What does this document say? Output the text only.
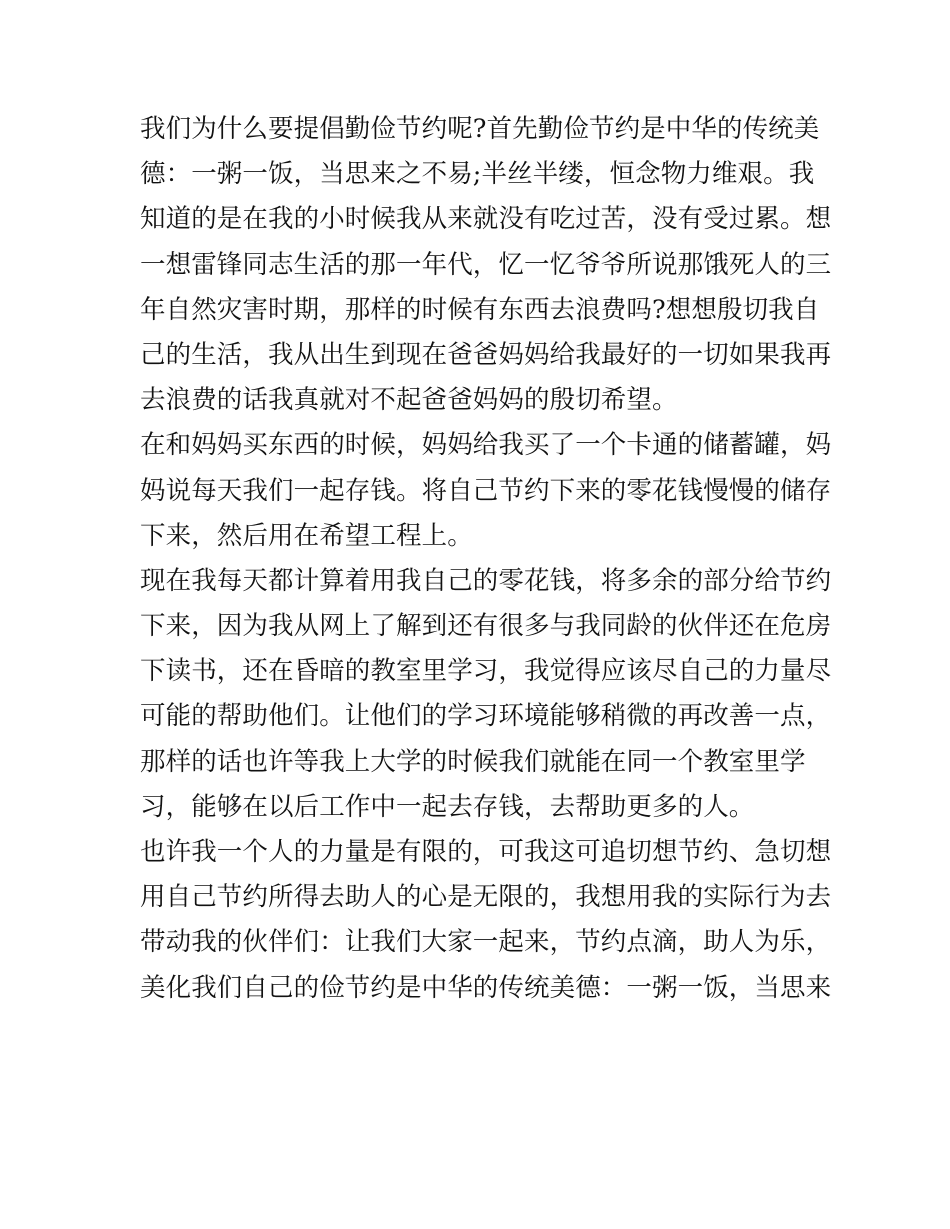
我们为什么要提倡勤俭节约呢?首先勤俭节约是中华的传统美
德：一粥一饭，当思来之不易;半丝半缕，恒念物力维艰。我
知道的是在我的小时候我从来就没有吃过苦，没有受过累。想
一想雷锋同志生活的那一年代，忆一忆爷爷所说那饿死人的三
年自然灾害时期，那样的时候有东西去浪费吗?想想殷切我自
己的生活，我从出生到现在爸爸妈妈给我最好的一切如果我再
去浪费的话我真就对不起爸爸妈妈的殷切希望。
在和妈妈买东西的时候，妈妈给我买了一个卡通的储蓄罐，妈
妈说每天我们一起存钱。将自己节约下来的零花钱慢慢的储存
下来，然后用在希望工程上。
现在我每天都计算着用我自己的零花钱，将多余的部分给节约
下来，因为我从网上了解到还有很多与我同龄的伙伴还在危房
下读书，还在昏暗的教室里学习，我觉得应该尽自己的力量尽
可能的帮助他们。让他们的学习环境能够稍微的再改善一点，
那样的话也许等我上大学的时候我们就能在同一个教室里学
习，能够在以后工作中一起去存钱，去帮助更多的人。
也许我一个人的力量是有限的，可我这可追切想节约、急切想
用自己节约所得去助人的心是无限的，我想用我的实际行为去
带动我的伙伴们：让我们大家一起来，节约点滴，助人为乐，
美化我们自己的俭节约是中华的传统美德：一粥一饭，当思来
